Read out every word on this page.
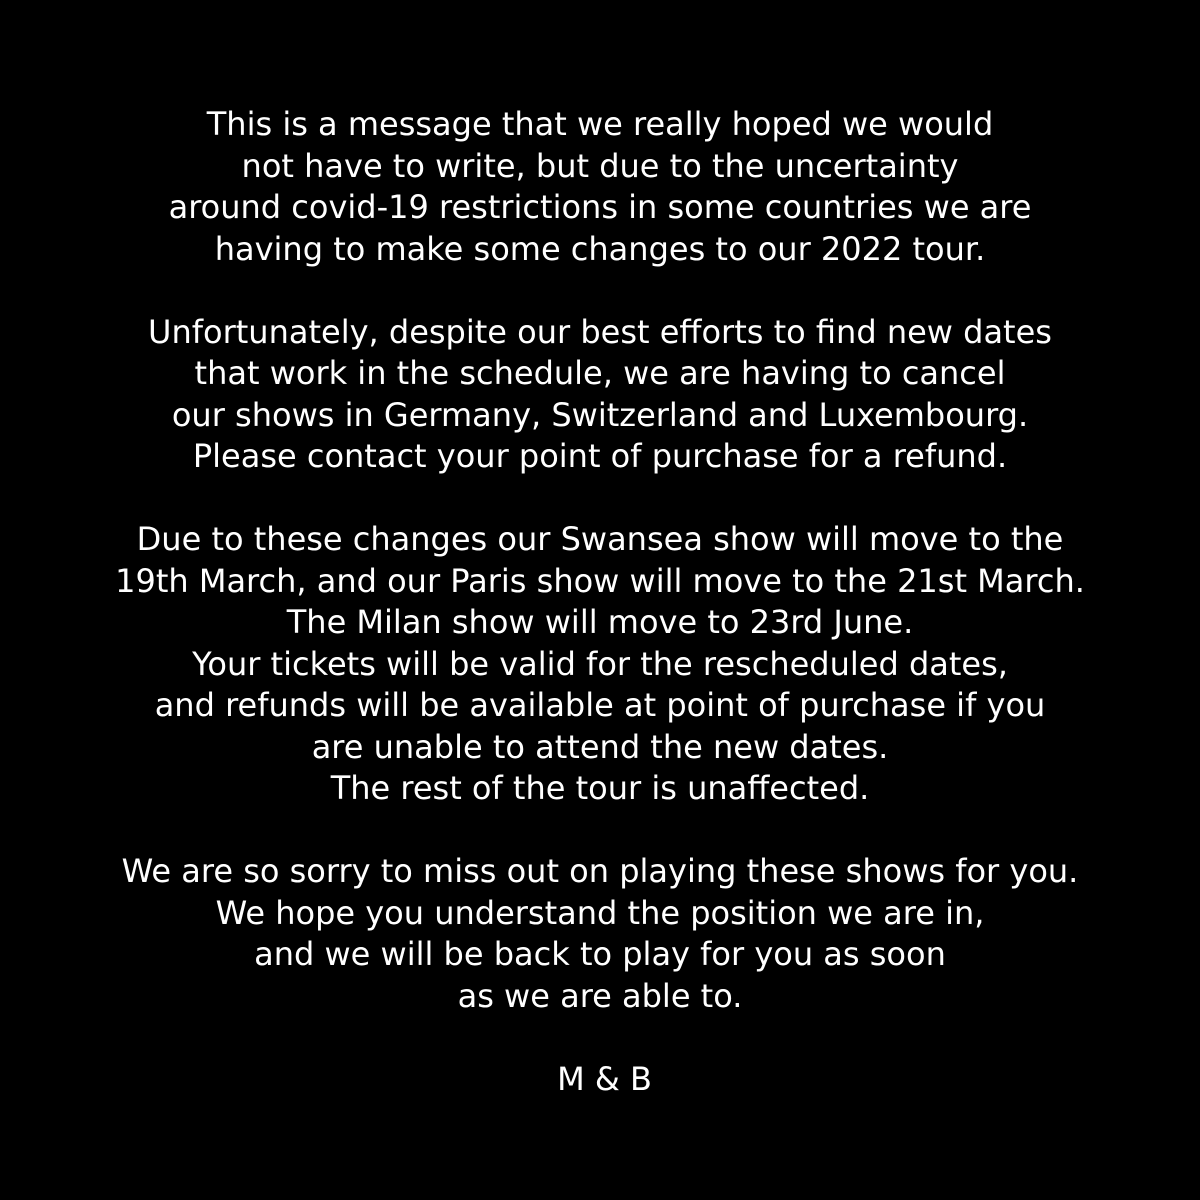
This is a message that we really hoped we would
not have to write, but due to the uncertainty
around covid-19 restrictions in some countries we are
having to make some changes to our 2022 tour.
Unfortunately, despite our best efforts to find new dates
that work in the schedule, we are having to cancel
our shows in Germany, Switzerland and Luxembourg.
Please contact your point of purchase for a refund.
Due to these changes our Swansea show will move to the
19th March, and our Paris show will move to the 21st March.
The Milan show will move to 23rd June.
Your tickets will be valid for the rescheduled dates,
and refunds will be available at point of purchase if you
are unable to attend the new dates.
The rest of the tour is unaffected.
We are so sorry to miss out on playing these shows for you.
We hope you understand the position we are in,
and we will be back to play for you as soon
as we are able to.
M & B
